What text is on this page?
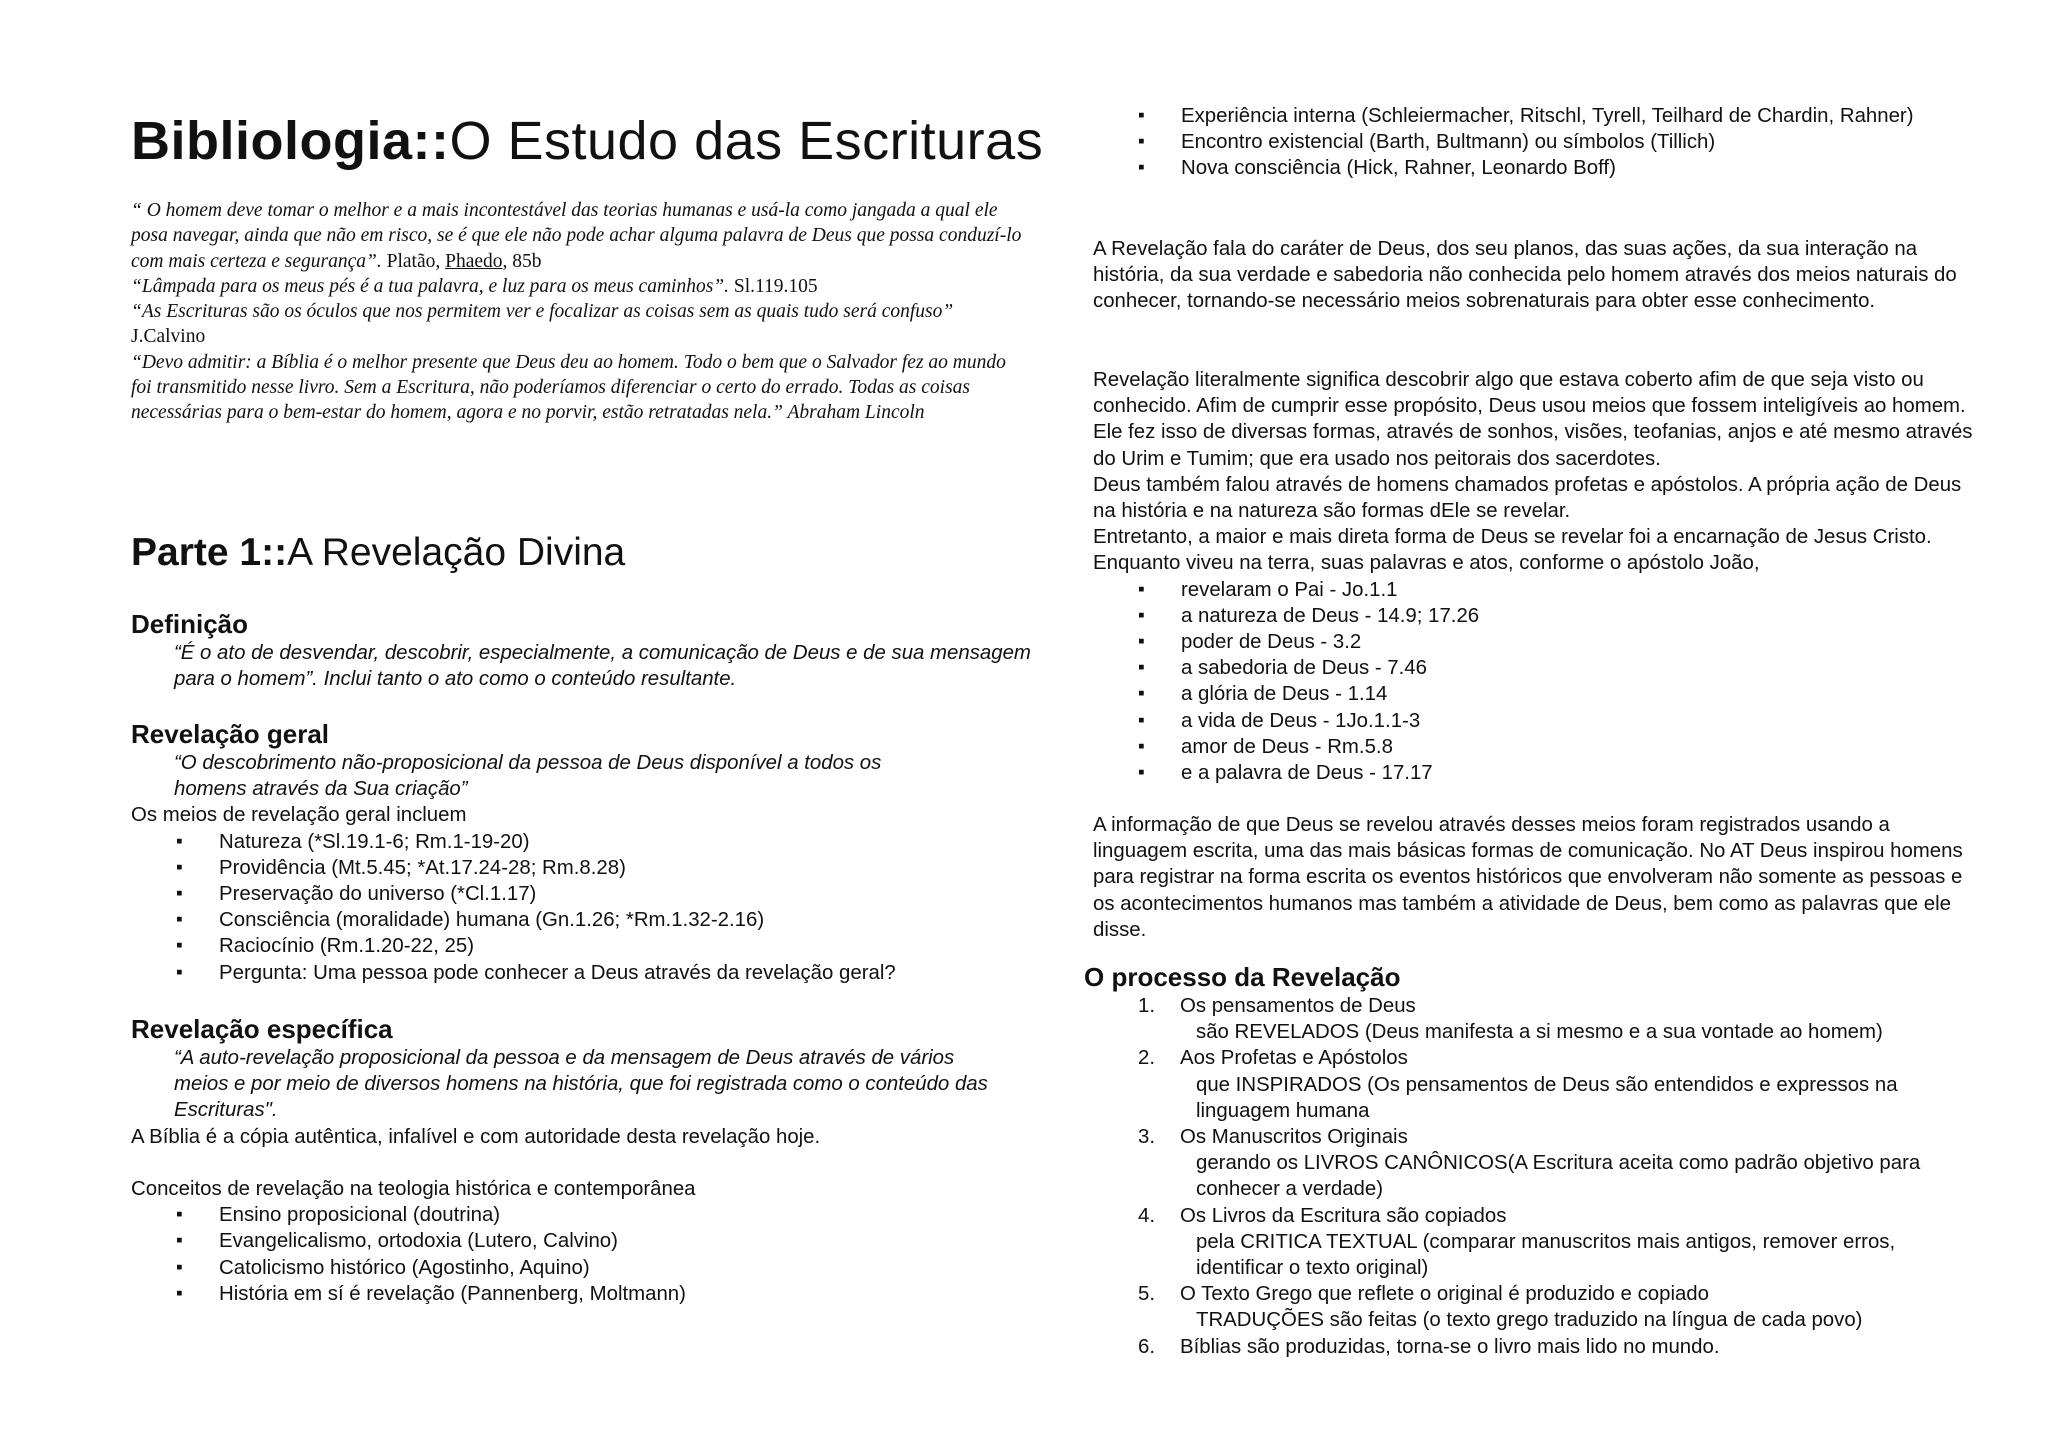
Bibliologia::O Estudo das Escrituras

“ O homem deve tomar o melhor e a mais incontestável das teorias humanas e usá-la como jangada a qual ele posa navegar, ainda que não em risco, se é que ele não pode achar alguma palavra de Deus que possa conduzí-lo com mais certeza e segurança”. Platão, Phaedo, 85b

“Lâmpada para os meus pés é a tua palavra, e luz para os meus caminhos”. Sl.119.105

“As Escrituras são os óculos que nos permitem ver e focalizar as coisas sem as quais tudo será confuso” J.Calvino

“Devo admitir: a Bíblia é o melhor presente que Deus deu ao homem. Todo o bem que o Salvador fez ao mundo foi transmitido nesse livro. Sem a Escritura, não poderíamos diferenciar o certo do errado. Todas as coisas necessárias para o bem-estar do homem, agora e no porvir, estão retratadas nela.” Abraham Lincoln

Parte 1::A Revelação Divina
Definição
“É o ato de desvendar, descobrir, especialmente, a comunicação de Deus e de sua mensagem para o homem”. Inclui tanto o ato como o conteúdo resultante.
Revelação geral

“O descobrimento não-proposicional da pessoa de Deus disponível a todos os homens através da Sua criação”

Os meios de revelação geral incluem

▪ Natureza (*Sl.19.1-6; Rm.1-19-20)
▪ Providência (Mt.5.45; *At.17.24-28; Rm.8.28)
▪ Preservação do universo (*Cl.1.17)
▪ Consciência (moralidade) humana (Gn.1.26; *Rm.1.32-2.16)
▪ Raciocínio (Rm.1.20-22, 25)
▪ Pergunta: Uma pessoa pode conhecer a Deus através da revelação geral?
Revelação específica

“A auto-revelação proposicional da pessoa e da mensagem de Deus através de vários meios e por meio de diversos homens na história, que foi registrada como o conteúdo das Escrituras".

A Bíblia é a cópia autêntica, infalível e com autoridade desta revelação hoje.

Conceitos de revelação na teologia histórica e contemporânea

▪ Ensino proposicional (doutrina)
▪ Evangelicalismo, ortodoxia (Lutero, Calvino)
▪ Catolicismo histórico (Agostinho, Aquino)
▪ História em sí é revelação (Pannenberg, Moltmann)
▪ Experiência interna (Schleiermacher, Ritschl, Tyrell, Teilhard de Chardin, Rahner)
▪ Encontro existencial (Barth, Bultmann) ou símbolos (Tillich)
▪ Nova consciência (Hick, Rahner, Leonardo Boff)
A Revelação fala do caráter de Deus, dos seu planos, das suas ações, da sua interação na história, da sua verdade e sabedoria não conhecida pelo homem através dos meios naturais do conhecer, tornando-se necessário meios sobrenaturais para obter esse conhecimento.

Revelação literalmente significa descobrir algo que estava coberto afim de que seja visto ou conhecido. Afim de cumprir esse propósito, Deus usou meios que fossem inteligíveis ao homem. Ele fez isso de diversas formas, através de sonhos, visões, teofanias, anjos e até mesmo através do Urim e Tumim; que era usado nos peitorais dos sacerdotes.

Deus também falou através de homens chamados profetas e apóstolos. A própria ação de Deus na história e na natureza são formas dEle se revelar.

Entretanto, a maior e mais direta forma de Deus se revelar foi a encarnação de Jesus Cristo. Enquanto viveu na terra, suas palavras e atos, conforme o apóstolo João,

▪ revelaram o Pai - Jo.1.1
▪ a natureza de Deus - 14.9; 17.26
▪ poder de Deus - 3.2
▪ a sabedoria de Deus - 7.46
▪ a glória de Deus - 1.14
▪ a vida de Deus - 1Jo.1.1-3
▪ amor de Deus - Rm.5.8
▪ e a palavra de Deus - 17.17
A informação de que Deus se revelou através desses meios foram registrados usando a linguagem escrita, uma das mais básicas formas de comunicação. No AT Deus inspirou homens para registrar na forma escrita os eventos históricos que envolveram não somente as pessoas e os acontecimentos humanos mas também a atividade de Deus, bem como as palavras que ele disse.
O processo da Revelação
1. Os pensamentos de Deus
são REVELADOS (Deus manifesta a si mesmo e a sua vontade ao homem)
2. Aos Profetas e Apóstolos
que INSPIRADOS (Os pensamentos de Deus são entendidos e expressos na linguagem humana
3. Os Manuscritos Originais
gerando os LIVROS CANÔNICOS(A Escritura aceita como padrão objetivo para conhecer a verdade)
4. Os Livros da Escritura são copiados
pela CRITICA TEXTUAL (comparar manuscritos mais antigos, remover erros, identificar o texto original)
5. O Texto Grego que reflete o original é produzido e copiado
TRADUÇÕES são feitas (o texto grego traduzido na língua de cada povo)
6. Bíblias são produzidas, torna-se o livro mais lido no mundo.
